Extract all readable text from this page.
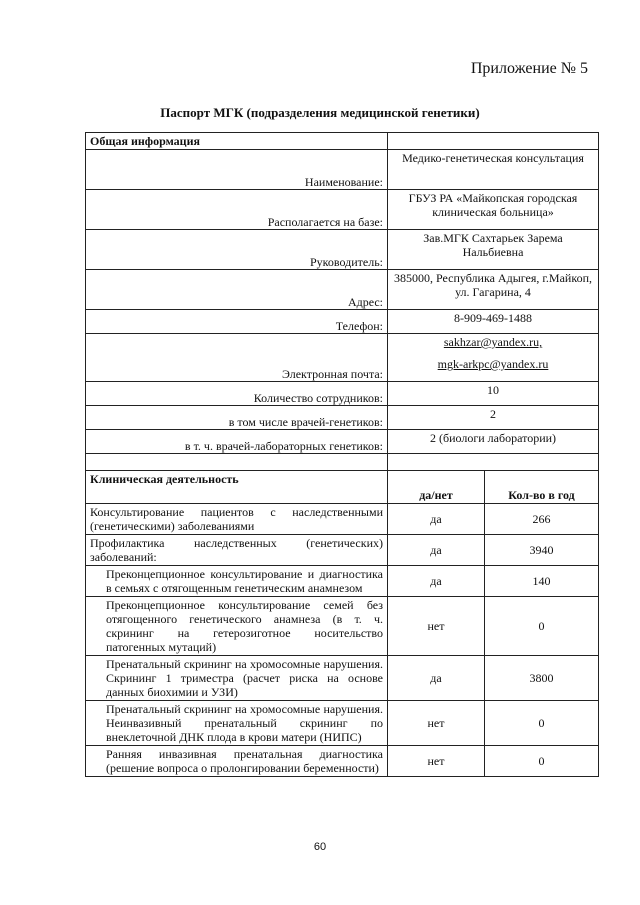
Приложение № 5
Паспорт МГК (подразделения медицинской генетики)
Общая информация		
Наименование:	Медико-генетическая консультация	
Располагается на базе:	ГБУЗ РА «Майкопская городская клиническая больница»	
Руководитель:	Зав.МГК Сахтарьек Зарема Нальбиевна	
Адрес:	385000, Республика Адыгея, г.Майкоп, ул. Гагарина, 4	
Телефон:	8-909-469-1488	
Электронная почта:	sakhzar@yandex.ru,
mgk-arkpc@yandex.ru	

Количество сотрудников:	10	
в том числе врачей-генетиков:	2	
в т. ч. врачей-лабораторных генетиков:	2 (биологи лаборатории)	

Клиническая деятельность	да/нет	Кол-во в год
Консультирование пациентов с наследственными (генетическими) заболеваниями	да	266
Профилактика наследственных (генетических) заболеваний:	да	3940
Преконцепционное консультирование и диагностика в семьях с отягощенным генетическим анамнезом	да	140
Преконцепционное консультирование семей без отягощенного генетического анамнеза (в т. ч. скрининг на гетерозиготное носительство патогенных мутаций)	нет	0
Пренатальный скрининг на хромосомные нарушения. Скрининг 1 триместра (расчет риска на основе данных биохимии и УЗИ)	да	3800
Пренатальный скрининг на хромосомные нарушения. Неинвазивный пренатальный скрининг по внеклеточной ДНК плода в крови матери (НИПС)	нет	0
Ранняя инвазивная пренатальная диагностика (решение вопроса о пролонгировании беременности)	нет	0
60
